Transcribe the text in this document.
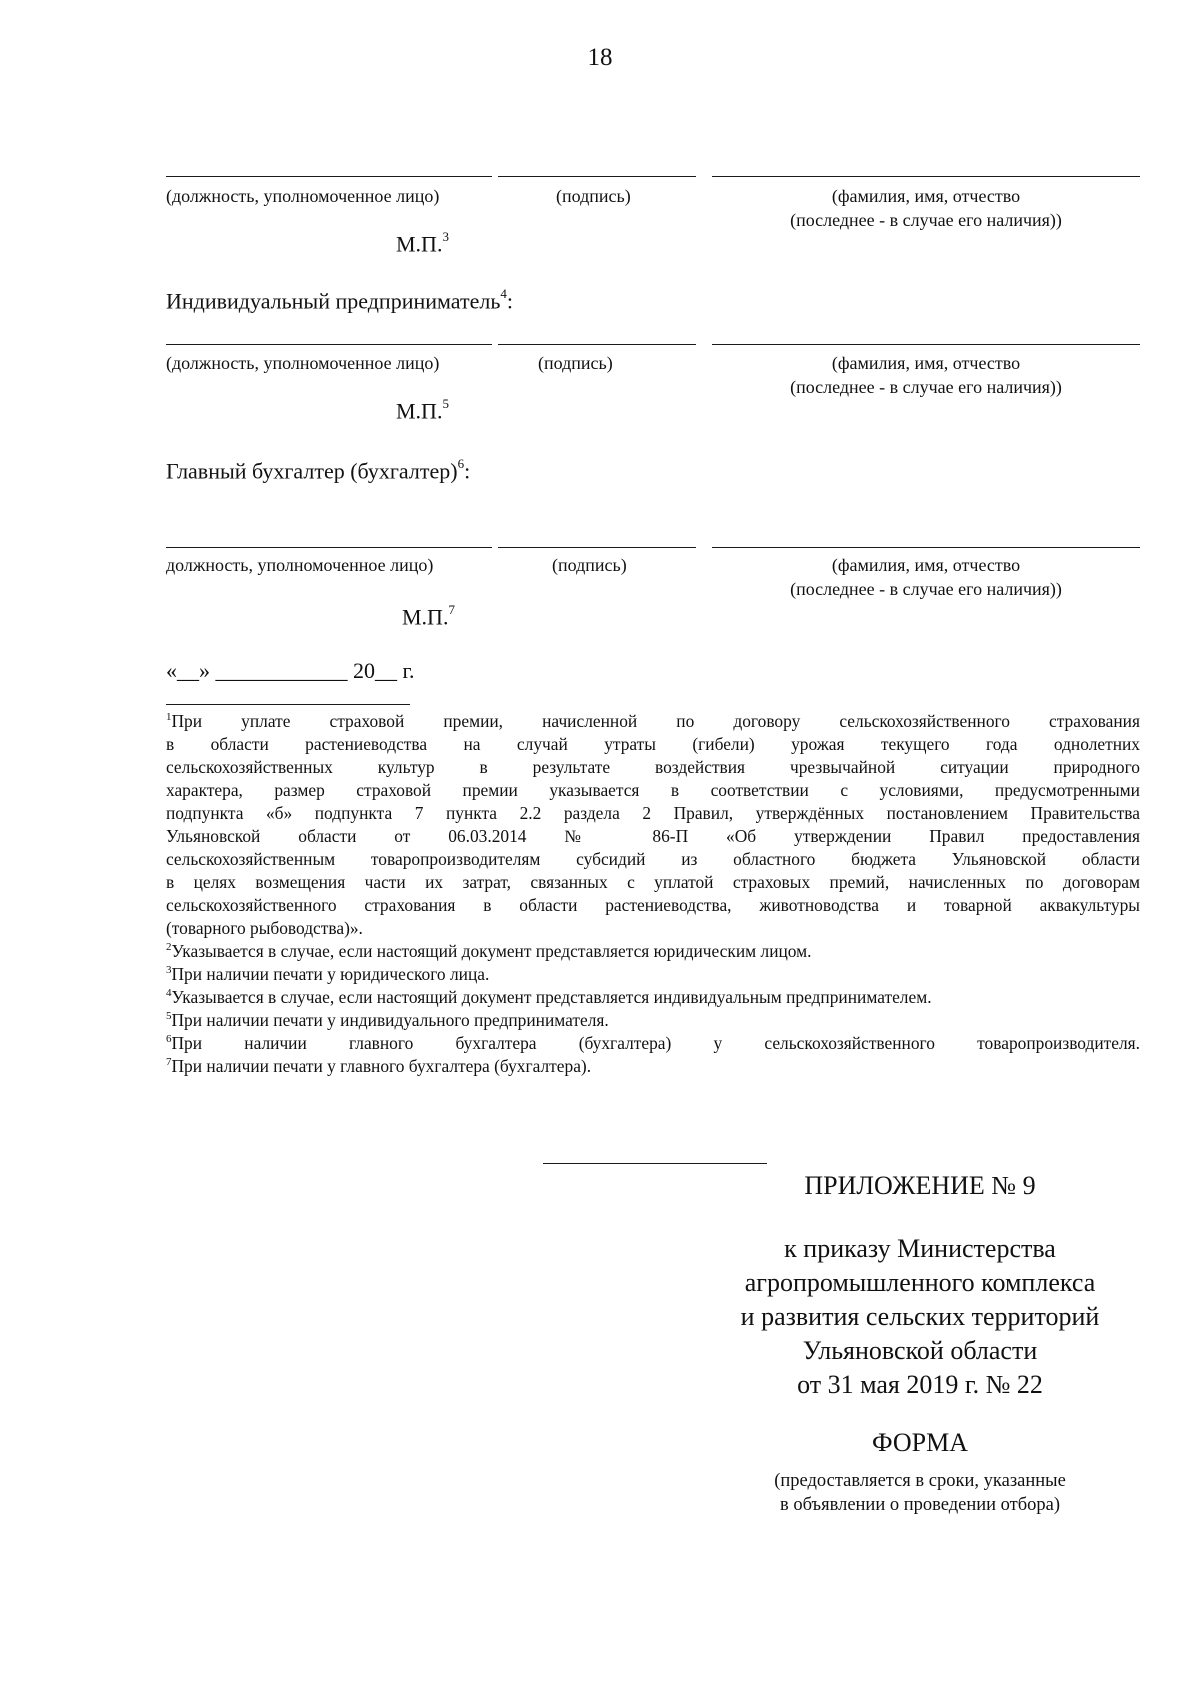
18
(должность, уполномоченное лицо)	(подпись)	(фамилия, имя, отчество
(последнее - в случае его наличия))
М.П.$^3$
Индивидуальный предприниматель$^4$:
(должность, уполномоченное лицо)	(подпись)	(фамилия, имя, отчество
(последнее - в случае его наличия))
М.П.$^5$
Главный бухгалтер (бухгалтер)$^6$:
должность, уполномоченное лицо)	(подпись)	(фамилия, имя, отчество
(последнее - в случае его наличия))
М.П.$^7$
«__» ____________ 20__ г.
$^1$При уплате страховой премии, начисленной по договору сельскохозяйственного страхования
в области растениеводства на случай утраты (гибели) урожая текущего года однолетних
сельскохозяйственных культур в результате воздействия чрезвычайной ситуации природного
характера, размер страховой премии указывается в соответствии с условиями, предусмотренными
подпункта «б» подпункта 7 пункта 2.2 раздела 2 Правил, утверждённых постановлением Правительства
Ульяновской области от 06.03.2014 № 86-П «Об утверждении Правил предоставления
сельскохозяйственным товаропроизводителям субсидий из областного бюджета Ульяновской области
в целях возмещения части их затрат, связанных с уплатой страховых премий, начисленных по договорам
сельскохозяйственного страхования в области растениеводства, животноводства и товарной аквакультуры
(товарного рыбоводства)».
$^2$Указывается в случае, если настоящий документ представляется юридическим лицом.
$^3$При наличии печати у юридического лица.
$^4$Указывается в случае, если настоящий документ представляется индивидуальным предпринимателем.
$^5$При наличии печати у индивидуального предпринимателя.
$^6$При наличии главного бухгалтера (бухгалтера) у сельскохозяйственного товаропроизводителя.
$^7$При наличии печати у главного бухгалтера (бухгалтера).
ПРИЛОЖЕНИЕ № 9
к приказу Министерства
агропромышленного комплекса
и развития сельских территорий
Ульяновской области
от 31 мая 2019 г. № 22
ФОРМА
(предоставляется в сроки, указанные
в объявлении о проведении отбора)
